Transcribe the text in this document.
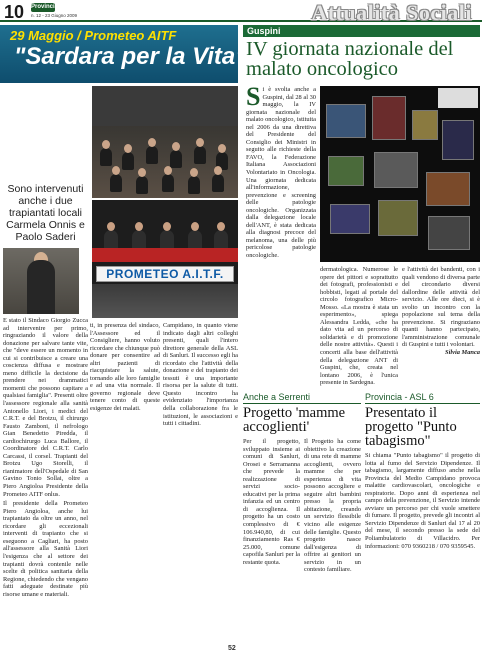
10 Provinciale
n. 12 - 23 Giugno 2009	Attualità Sociali
29 Maggio / Prometeo AITF
"Sardara per la Vita"
Sono intervenuti anche i due trapiantati locali Carmela Onnis e Paolo Saderi

E stato il Sindaco Giorgio Zucca ad intervenire per primo, ringraziando il valore della donazione per salvare tante vite, che "deve essere un momento in cui si contribuisce a creare una coscienza diffusa e mostrare meno difficile la decisione da prendere nei drammatici momenti che possono capitare a qualsiasi famiglia". Presenti oltre l'assessore regionale alla sanità Antonello Liori, i medici del C.R.T. e del Brotzu, il chirurgo Fausto Zamboni, il nefrologo Gian Benedetto Piredda, il cardiochirurgo Luca Ballore, il Coordinatore del C.R.T. Carlo Carcassi, il corsel. Trapianti del Brotzu Ugo Storelli, il rianimatore dell'Ospedale di San Gavino Tonio Sollai, oltre a Piero Angioloa Presidente della Prometeo AITF onlus.

Il presidente della Prometeo Piero Angioloa, anche lui trapiantato da oltre un anno, nel ricordare gli eccezionali interventi di trapianto che si eseguono a Cagliari, ha posto all'assessore alla Sanità Liori l'esigenza che al settore dei trapianti dovrà contenile nelle scelte di politica sanitaria della Regione, chiedendo che vengano fatti adeguate destinate più risorse umane e materiali.

PROMETEO A.I.T.F.

ti, in presenza del sindaco, l'Assessore ed il Consigliere, hanno voluto ricordare che chiunque può donare per consentire ad altri pazienti di riacquistare la salute, tornando alle loro famiglie e ad una vita normale. Il governo regionale deve tenere conto di queste esigenze dei malati.

Campidano, in quanto viene indicato dagli altri colleghi presenti, quali l'intero direttore generale della ASL di Sanluri. Il successo egli ha ricordato che l'attività della donazione e del trapianto dei tessuti è una importante risorsa per la salute di tutti. Questo incontro ha evidenziato l'importanza della collaborazione fra le istituzioni, le associazioni e tutti i cittadini.

Guspini
IV giornata nazionale del malato oncologico

Si è svolta anche a Guspini, dal 28 al 30 maggio, la IV giornata nazionale del malato oncologico, istituita nel 2006 da una direttiva del Presidente del Consiglio dei Ministri in seguito alle richieste della FAVO, la Federazione Italiana Associazioni Volontariato in Oncologia. Una giornata dedicata all'informazione, prevenzione e screening delle patologie oncologiche. Organizzata dalla delegazione locale dell'ANT, è stata dedicata alla diagnosi precoce del melanoma, una delle più pericolose patologie oncologiche.

dermatologica. Numerose le opere dei pittori e soprattutto dei fotografi, professionisti e hobbisti, legati al portale del circolo fotografico Micro-Mosso. «La mostra è stata un esperimento», spiega Alessandra Ledda, «che ha dato vita ad un percorso di solidarietà e di promozione delle nostre attività». Questi i concerti alla base dell'attività della delegazione ANT di Guspini, che, creata nel lontano 2006, è l'unica presente in Sardegna.

e l'attività dei bandenti, con i quali vendono di diversa parte del circondario diversi dallordine delle attività del servizio. Alle ore dieci, si è svolto un incontro con la popolazione sul tema della prevenzione. Si ringraziano quanti hanno partecipato, l'amministrazione comunale di Guspini e tutti i volontari.

Silvia Manca

Anche a Serrenti
Progetto 'mamme accoglienti'

Per il progetto, sviluppato insieme ai comuni di Sanluri, Orosei e Serramanna che prevede la realizzazione di servizi socio-educativi per la prima infanzia ed un centro di accoglienza. Il progetto ha un costo complessivo di € 106.940,80, di cui finanziamento Ras € 25.000, comune capofila Sanluri per la restante quota.

Il Progetto ha come obiettivo la creazione di una rete di mamme accoglienti, ovvero mamme che per esperienza di vita possono accogliere e seguire altri bambini presso la propria abitazione, creando un servizio flessibile vicino alle esigenze delle famiglie. Questo progetto nasce dall'esigenza di offrire ai genitori un servizio in un contesto familiare.

Provincia - ASL 6
Presentato il progetto "Punto tabagismo"

Si chiama "Punto tabagismo" il progetto di lotta al fumo del Servizio Dipendenze. Il tabagismo, largamente diffuso anche nella Provincia del Medio Campidano provoca malattie cardiovascolari, oncologiche e respiratorie. Dopo anni di esperienza nel campo della prevenzione, il Servizio intende avviare un percorso per chi vuole smettere di fumare. Il progetto, prevede gli incontri al Servizio Dipendenze di Sanluri dal 17 al 20 del mese, il secondo presso la sede del Poliambulatorio di Villacidro. Per informazioni: 070 9360218 / 070 9359545.

52
